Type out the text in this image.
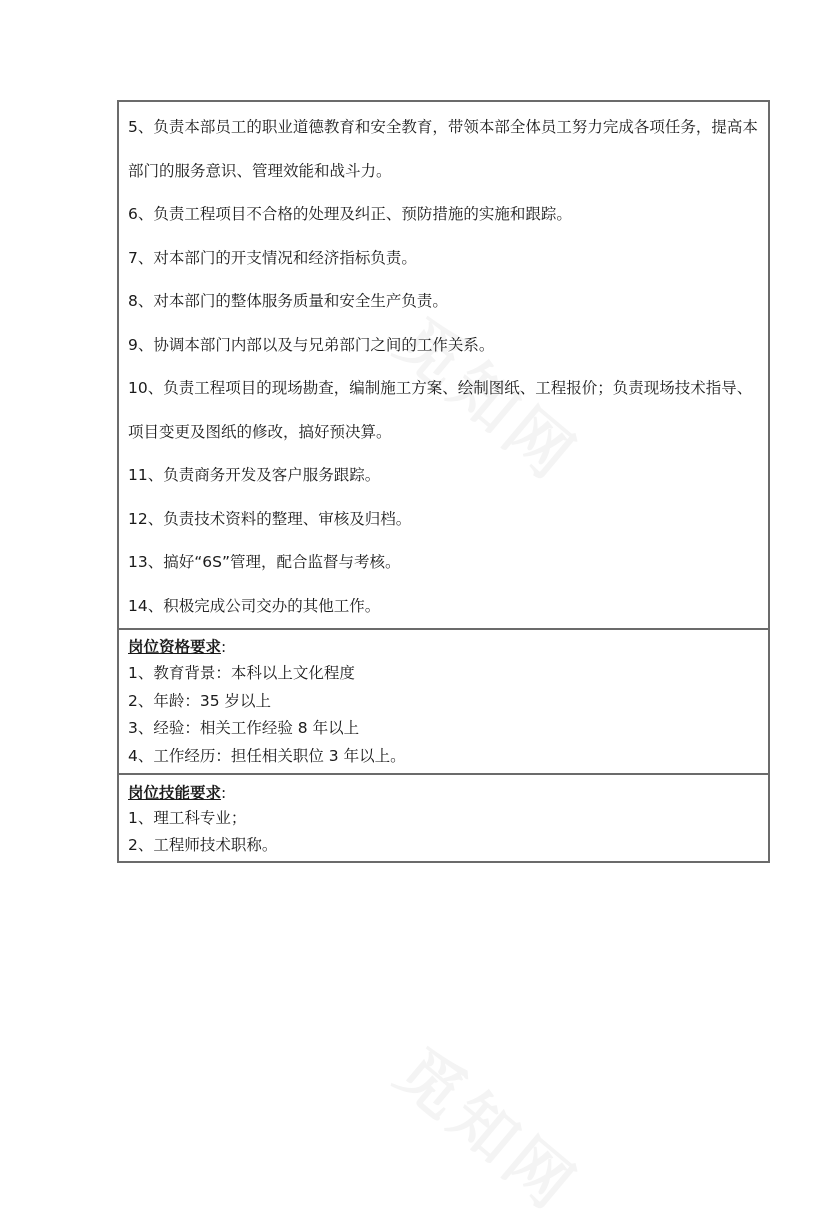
5、负责本部员工的职业道德教育和安全教育，带领本部全体员工努力完成各项任务，提高本部门的服务意识、管理效能和战斗力。

6、负责工程项目不合格的处理及纠正、预防措施的实施和跟踪。

7、对本部门的开支情况和经济指标负责。

8、对本部门的整体服务质量和安全生产负责。

9、协调本部门内部以及与兄弟部门之间的工作关系。

10、负责工程项目的现场勘查，编制施工方案、绘制图纸、工程报价；负责现场技术指导、项目变更及图纸的修改，搞好预决算。

11、负责商务开发及客户服务跟踪。

12、负责技术资料的整理、审核及归档。

13、搞好“6S”管理，配合监督与考核。

14、积极完成公司交办的其他工作。

岗位资格要求:

1、教育背景：本科以上文化程度

2、年龄：35 岁以上

3、经验：相关工作经验 8 年以上

4、工作经历：担任相关职位 3 年以上。

岗位技能要求:

1、理工科专业；

2、工程师技术职称。
